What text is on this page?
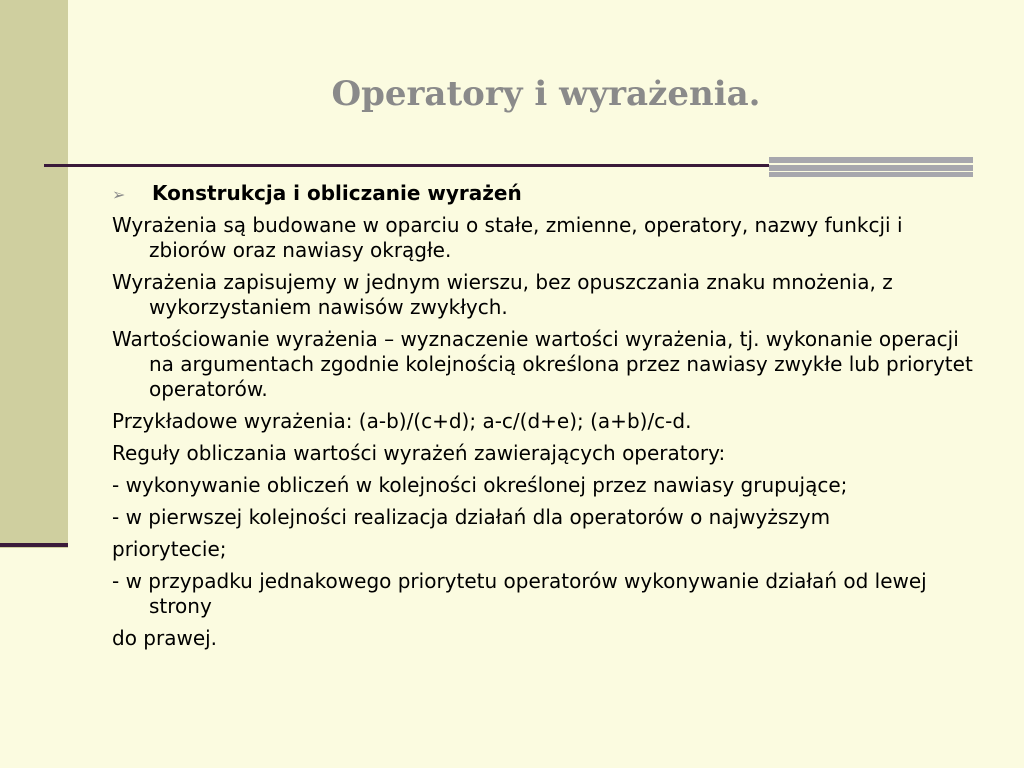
Operatory i wyrażenia.
➢	Konstrukcja i obliczanie wyrażeń
Wyrażenia są budowane w oparciu o stałe, zmienne, operatory, nazwy funkcji i zbiorów oraz nawiasy okrągłe.
Wyrażenia zapisujemy w jednym wierszu, bez opuszczania znaku mnożenia, z wykorzystaniem nawisów zwykłych.
Wartościowanie wyrażenia – wyznaczenie wartości wyrażenia, tj. wykonanie operacji na argumentach zgodnie kolejnością określona przez nawiasy zwykłe lub priorytet operatorów.
Przykładowe wyrażenia: (a-b)/(c+d); a-c/(d+e); (a+b)/c-d.
Reguły obliczania wartości wyrażeń zawierających operatory:
- wykonywanie obliczeń w kolejności określonej przez nawiasy grupujące;
- w pierwszej kolejności realizacja działań dla operatorów o najwyższym
priorytecie;
- w przypadku jednakowego priorytetu operatorów wykonywanie działań od lewej strony
do prawej.
